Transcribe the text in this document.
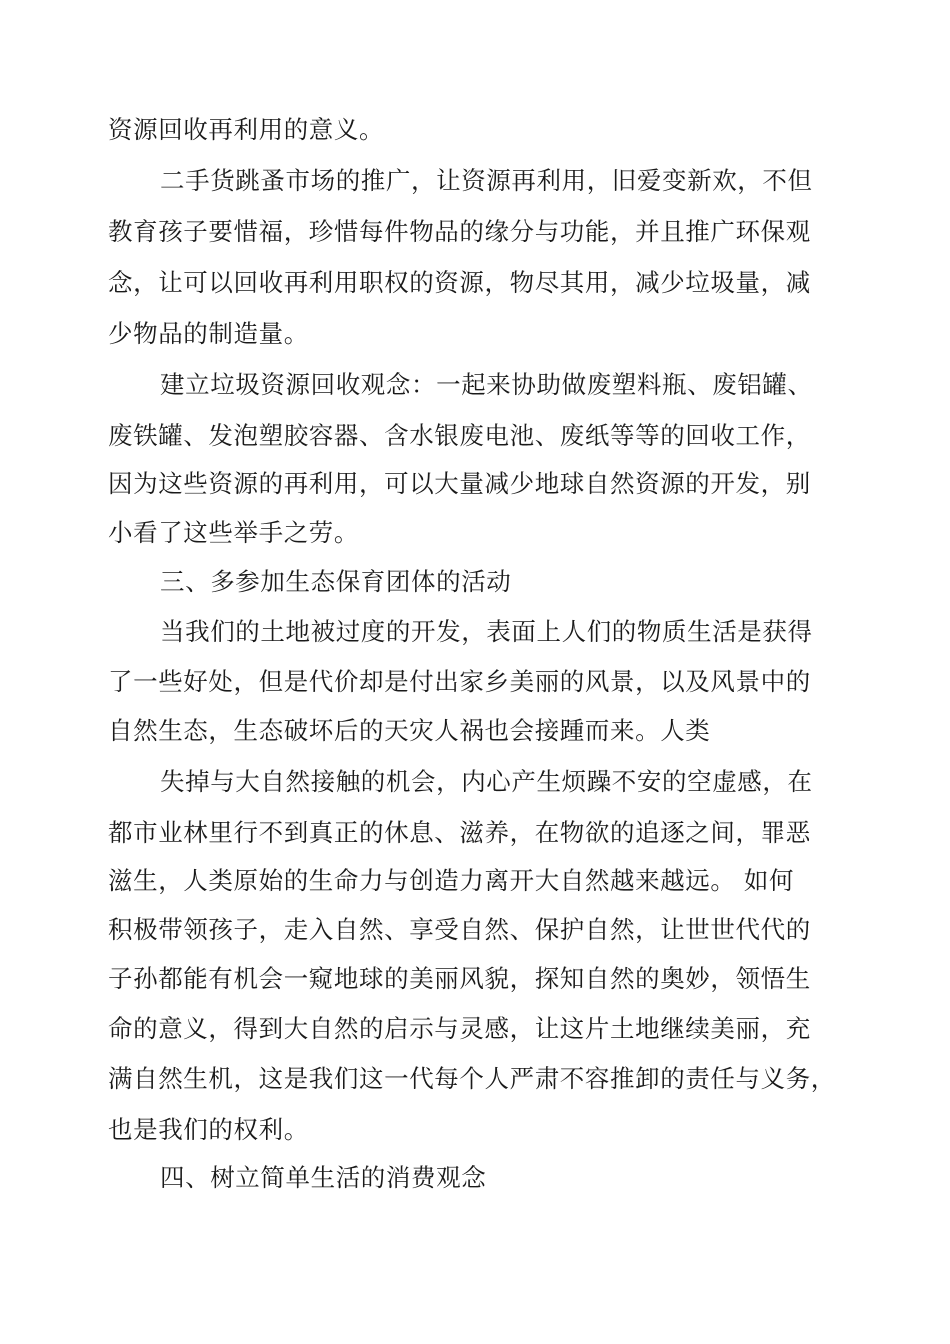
资源回收再利用的意义。
二手货跳蚤市场的推广，让资源再利用，旧爱变新欢，不但
教育孩子要惜福，珍惜每件物品的缘分与功能，并且推广环保观
念，让可以回收再利用职权的资源，物尽其用，减少垃圾量，减
少物品的制造量。
建立垃圾资源回收观念：一起来协助做废塑料瓶、废铝罐、
废铁罐、发泡塑胶容器、含水银废电池、废纸等等的回收工作，
因为这些资源的再利用，可以大量减少地球自然资源的开发，别
小看了这些举手之劳。
三、多参加生态保育团体的活动
当我们的土地被过度的开发，表面上人们的物质生活是获得
了一些好处，但是代价却是付出家乡美丽的风景，以及风景中的
自然生态，生态破坏后的天灾人祸也会接踵而来。人类
失掉与大自然接触的机会，内心产生烦躁不安的空虚感，在
都市业林里行不到真正的休息、滋养，在物欲的追逐之间，罪恶
滋生，人类原始的生命力与创造力离开大自然越来越远。 如何
积极带领孩子，走入自然、享受自然、保护自然，让世世代代的
子孙都能有机会一窥地球的美丽风貌，探知自然的奥妙，领悟生
命的意义，得到大自然的启示与灵感，让这片土地继续美丽，充
满自然生机，这是我们这一代每个人严肃不容推卸的责任与义务，
也是我们的权利。
四、树立简单生活的消费观念
